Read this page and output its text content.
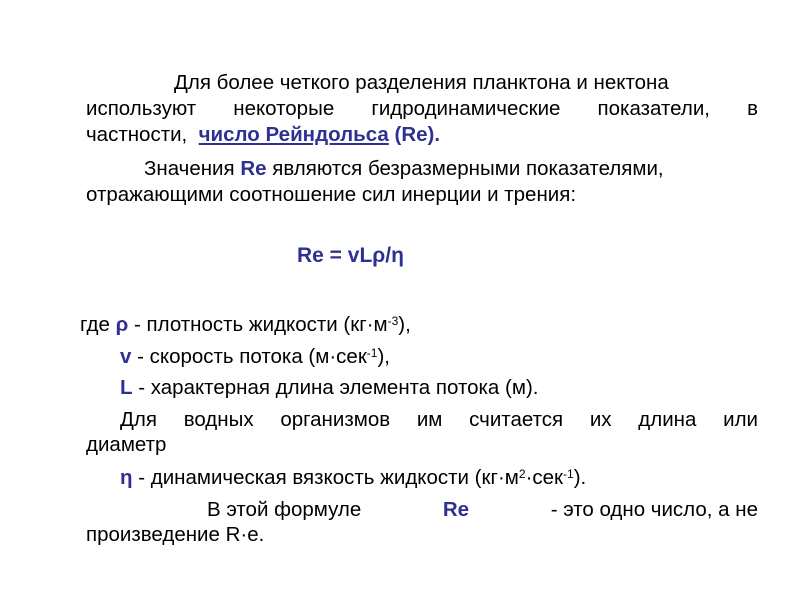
Для более четкого разделения планктона и нектона
используют некоторые гидродинамические показатели, в
частности, число Рейндольса (Re).
Значения Re являются безразмерными показателями,
отражающими соотношение сил инерции и трения:
Re = vLρ/η
где ρ - плотность жидкости $(кг\cdot м^{-3})$,
v - скорость потока (м·сек$^{-1}$),
L - характерная длина элемента потока (м).
Для водных организмов им считается их длина или
диаметр
η - динамическая вязкость жидкости $(кг\cdot м^2\cdot сек^{-1})$.
В этой формуле	Re	- это одно число, а не
произведение R·e.
